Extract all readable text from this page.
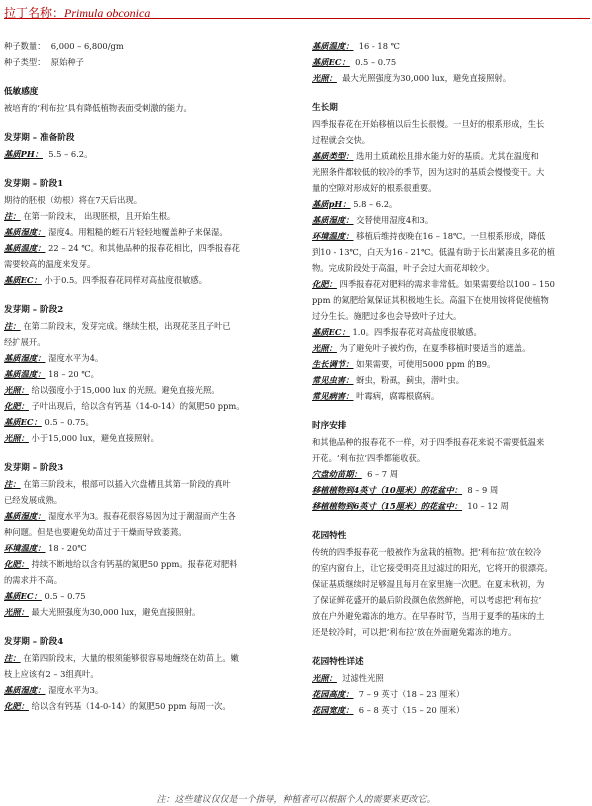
拉丁名称：Primula obconica
种子数量： 6,000 – 6,800/gm
种子类型： 原始种子
低敏感度
被培育的‘利布拉’具有降低植物表面受刺激的能力。
发芽期 – 准备阶段
基质PH： 5.5 – 6.2。
发芽期 – 阶段1
期待的胚根（幼根）将在7天后出现。
注： 在第一阶段末， 出现胚根，且开始生根。
基质湿度： 湿度4。用粗糙的蛭石片轻轻地覆盖种子来保湿。
基质温度： 22 – 24 ℃。和其他品种的报春花相比，四季报春花
需要较高的温度来发芽。
基质EC： 小于0.5。四季报春花同样对高盐度很敏感。
发芽期 – 阶段2
注： 在第二阶段末，发芽完成。继续生根，出现花茎且子叶已
经扩展开。
基质湿度： 湿度水平为4。
基质温度： 18 – 20 ℃。
光照： 给以强度小于15,000 lux 的光照。避免直接光照。
化肥： 子叶出现后，给以含有钙基（14-0-14）的氮肥50 ppm。
基质EC： 0.5 – 0.75。
光照： 小于15,000 lux，避免直接照射。
发芽期 – 阶段3
注： 在第三阶段末，根部可以插入穴盘槽且其第一阶段的真叶
已经发展成熟。
基质湿度： 湿度水平为3。报春花很容易因为过于潮湿而产生各
种问题。但是也要避免幼苗过于干燥而导致萎蔫。
环境温度： 18 - 20℃
化肥： 持续不断地给以含有钙基的氮肥50 ppm。报春花对肥料
的需求并不高。
基质EC： 0.5 – 0.75
光照： 最大光照强度为30,000 lux，避免直接照射。
发芽期 – 阶段4
注： 在第四阶段末，大量的根须能够很容易地缠绕在幼苗上。嫩
枝上应该有2 – 3组真叶。
基质湿度： 湿度水平为3。
化肥： 给以含有钙基（14-0-14）的氮肥50 ppm 每周一次。
基质温度： 16 - 18 ℃
基质EC： 0.5 – 0.75
光照： 最大光照强度为30,000 lux，避免直接照射。
生长期
四季报春花在开始移植以后生长很慢。一旦好的根系形成，生长
过程就会交快。
基质类型： 选用土质疏松且排水能力好的基质。尤其在温度和
光照条件都较低的较冷的季节，因为这时的基质会慢慢变干。大
量的空隙对形成好的根系很重要。
基质pH： 5.8 – 6.2。
基质湿度： 交替使用湿度4和3。
环境温度： 移植后维持夜晚在16 – 18℃。一旦根系形成，降低
到10 - 13℃，白天为16 - 21℃。低温有助于长出紧凑且多花的植
物。完成阶段处于高温，叶子会过大而花却较少。
化肥： 四季报春花对肥料的需求非常低。如果需要给以100 – 150
ppm 的氮肥给氮保证其积极地生长。高温下在使用铵将促使植物
过分生长。施肥过多也会导致叶子过大。
基质EC： 1.0。四季报春花对高盐度很敏感。
光照： 为了避免叶子被灼伤，在夏季移植时要适当的遮盖。
生长调节： 如果需要，可使用5000 ppm 的B9。
常见虫害： 蚜虫，粉虱，蓟虫，潜叶虫。
常见病害： 叶霉病，腐霉根腐病。
时序安排
和其他品种的报春花不一样，对于四季报春花来说不需要低温来
开花。‘利布拉’四季都能收获。
穴盘幼苗期： 6 – 7 周
移植植物到4英寸（10厘米）的花盆中： 8 – 9 周
移植植物到6英寸（15厘米）的花盆中： 10 – 12 周
花园特性
传统的四季报春花一般被作为盆栽的植物。把‘利布拉’放在较冷
的室内窗台上，让它接受明亮且过滤过的阳光，它将开的很漂亮。
保证基质继续时足够湿且每月在家里施一次肥。在夏末秋初，为
了保证鲜花盛开的最后阶段颜色依然鲜艳，可以考虑把‘利布拉’
放在户外避免霜冻的地方。在早春时节，当用于夏季的基床的土
还是较冷时，可以把‘利布拉’放在外面避免霜冻的地方。
花园特性详述
光照： 过滤性光照
花园高度： 7 – 9 英寸（18 – 23 厘米）
花园宽度： 6 – 8 英寸（15 – 20 厘米）
注：这些建议仅仅是一个指导，种植者可以根据个人的需要来更改它。
